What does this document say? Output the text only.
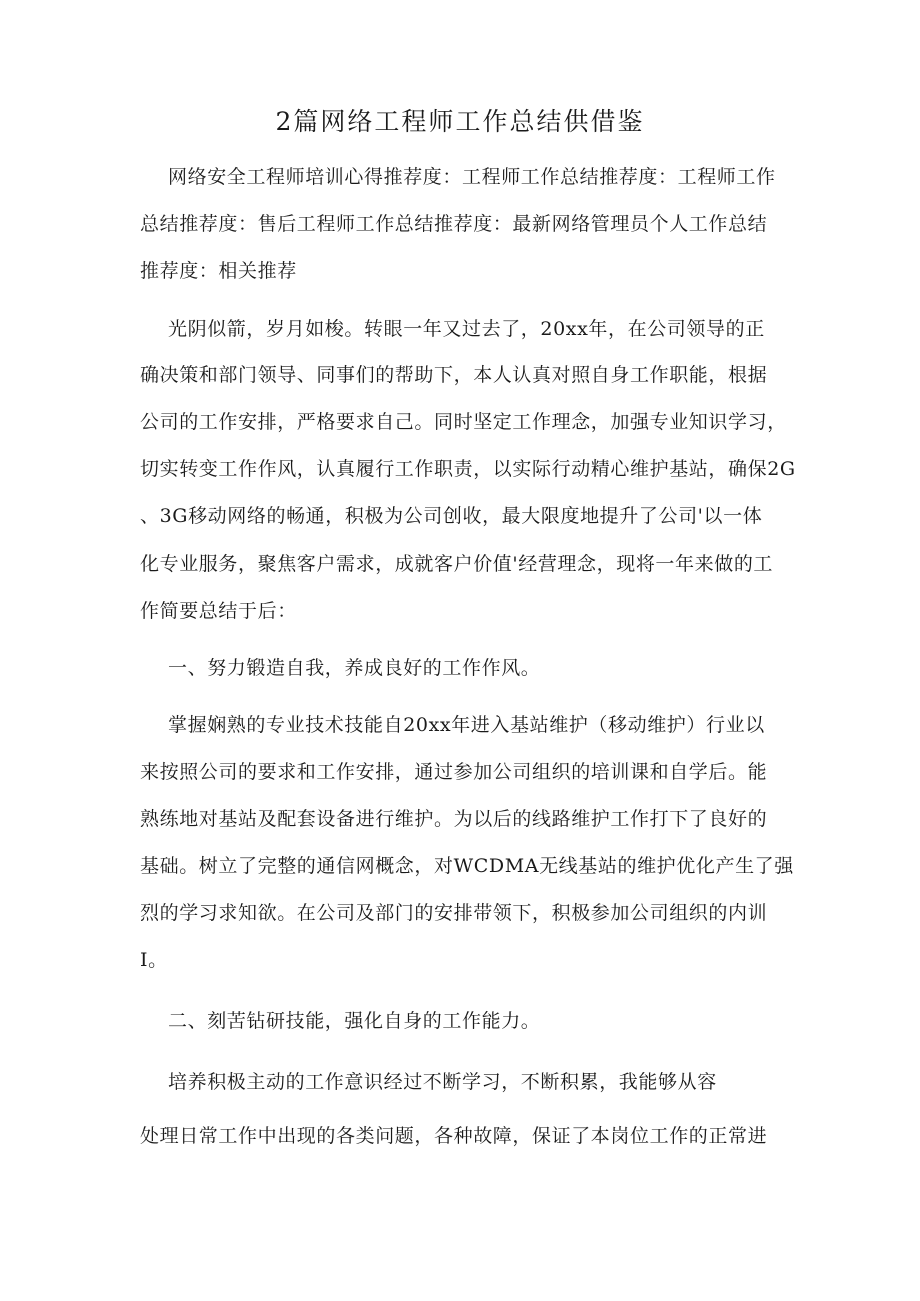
2篇网络工程师工作总结供借鉴
网络安全工程师培训心得推荐度：工程师工作总结推荐度：工程师工作
总结推荐度：售后工程师工作总结推荐度：最新网络管理员个人工作总结
推荐度：相关推荐
光阴似箭，岁月如梭。转眼一年又过去了，20xx年，在公司领导的正
确决策和部门领导、同事们的帮助下，本人认真对照自身工作职能，根据
公司的工作安排，严格要求自己。同时坚定工作理念，加强专业知识学习，
切实转变工作作风，认真履行工作职责，以实际行动精心维护基站，确保2G
、3G移动网络的畅通，积极为公司创收，最大限度地提升了公司'以一体
化专业服务，聚焦客户需求，成就客户价值'经营理念，现将一年来做的工
作简要总结于后：
一、努力锻造自我，养成良好的工作作风。
掌握娴熟的专业技术技能自20xx年进入基站维护（移动维护）行业以
来按照公司的要求和工作安排，通过参加公司组织的培训课和自学后。能
熟练地对基站及配套设备进行维护。为以后的线路维护工作打下了良好的
基础。树立了完整的通信网概念，对WCDMA无线基站的维护优化产生了强
烈的学习求知欲。在公司及部门的安排带领下，积极参加公司组织的内训
I。
二、刻苦钻研技能，强化自身的工作能力。
培养积极主动的工作意识经过不断学习，不断积累，我能够从容
处理日常工作中出现的各类问题，各种故障，保证了本岗位工作的正常进
